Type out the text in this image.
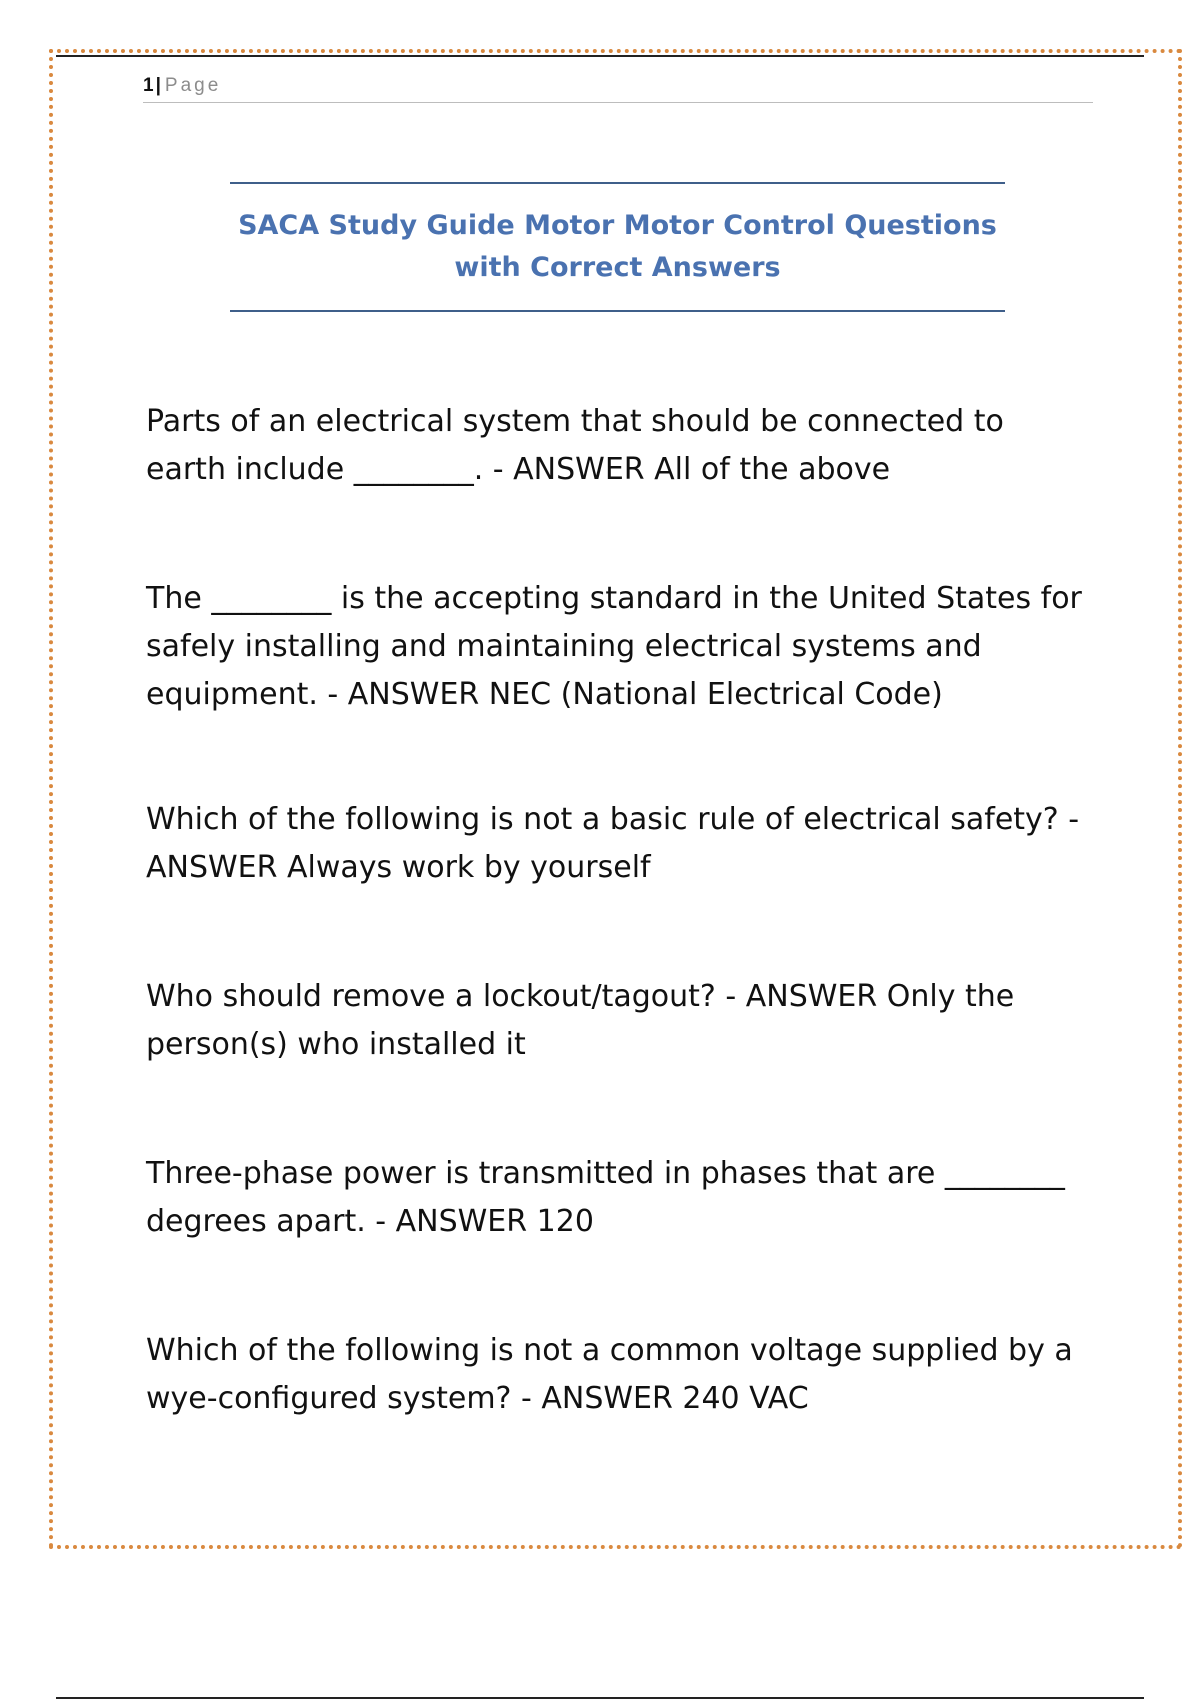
1 | Page
SACA Study Guide Motor Motor Control Questions with Correct Answers

Parts of an electrical system that should be connected to earth include ________. - ANSWER All of the above

The ________ is the accepting standard in the United States for safely installing and maintaining electrical systems and equipment. - ANSWER NEC (National Electrical Code)

Which of the following is not a basic rule of electrical safety? - ANSWER Always work by yourself

Who should remove a lockout/tagout? - ANSWER Only the person(s) who installed it

Three-phase power is transmitted in phases that are ________ degrees apart. - ANSWER 120

Which of the following is not a common voltage supplied by a wye-configured system? - ANSWER 240 VAC
